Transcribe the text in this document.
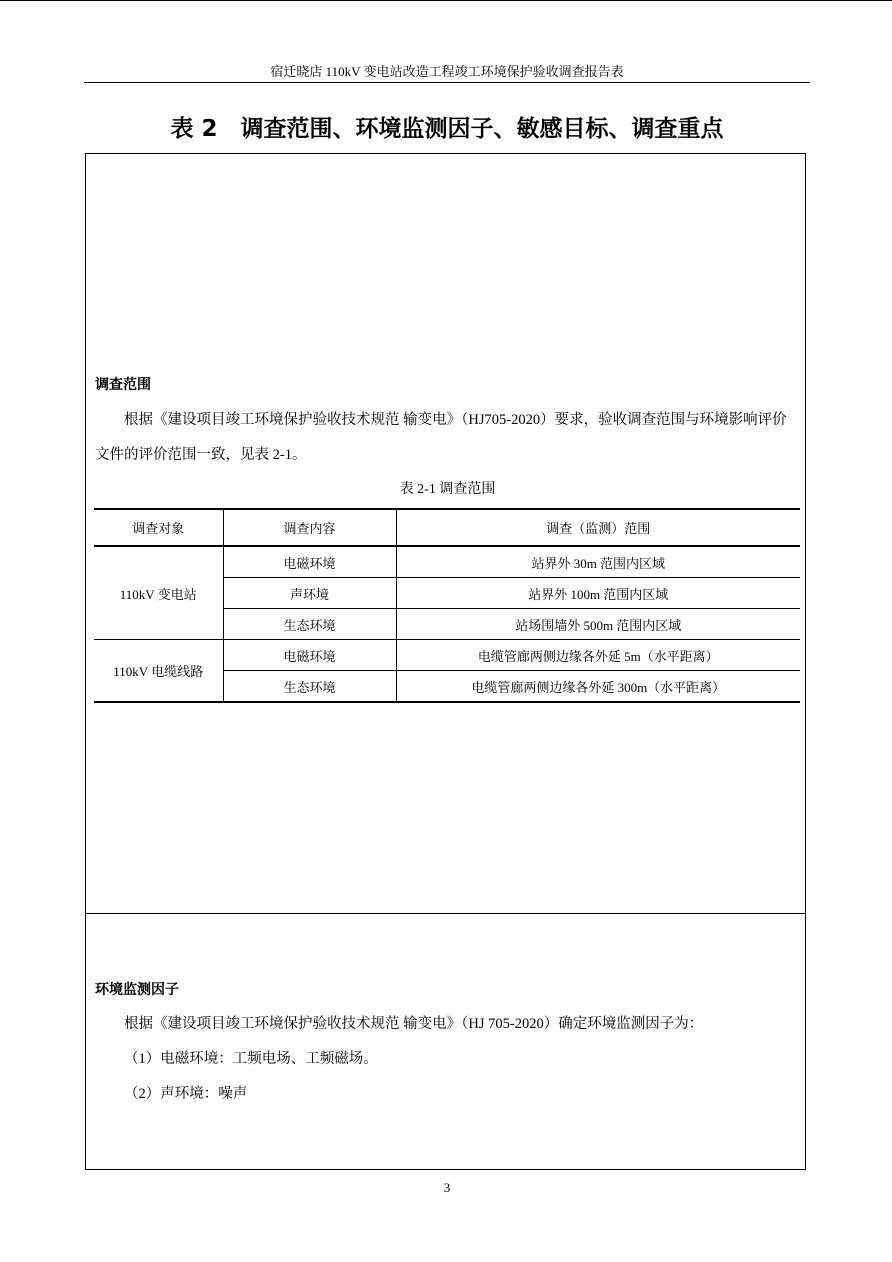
宿迁晓店 110kV 变电站改造工程竣工环境保护验收调查报告表
表 2　调查范围、环境监测因子、敏感目标、调查重点
调查范围
根据《建设项目竣工环境保护验收技术规范 输变电》（HJ705-2020）要求，验收调查范围与环境影响评价文件的评价范围一致，见表 2-1。
表 2-1 调查范围
调查对象	调查内容	调查（监测）范围
110kV 变电站	电磁环境	站界外 30m 范围内区域
	声环境	站界外 100m 范围内区域
	生态环境	站场围墙外 500m 范围内区域
110kV 电缆线路	电磁环境	电缆管廊两侧边缘各外延 5m（水平距离）
	生态环境	电缆管廊两侧边缘各外延 300m（水平距离）
环境监测因子
根据《建设项目竣工环境保护验收技术规范 输变电》（HJ 705-2020）确定环境监测因子为：
（1）电磁环境：工频电场、工频磁场。
（2）声环境：噪声
3
